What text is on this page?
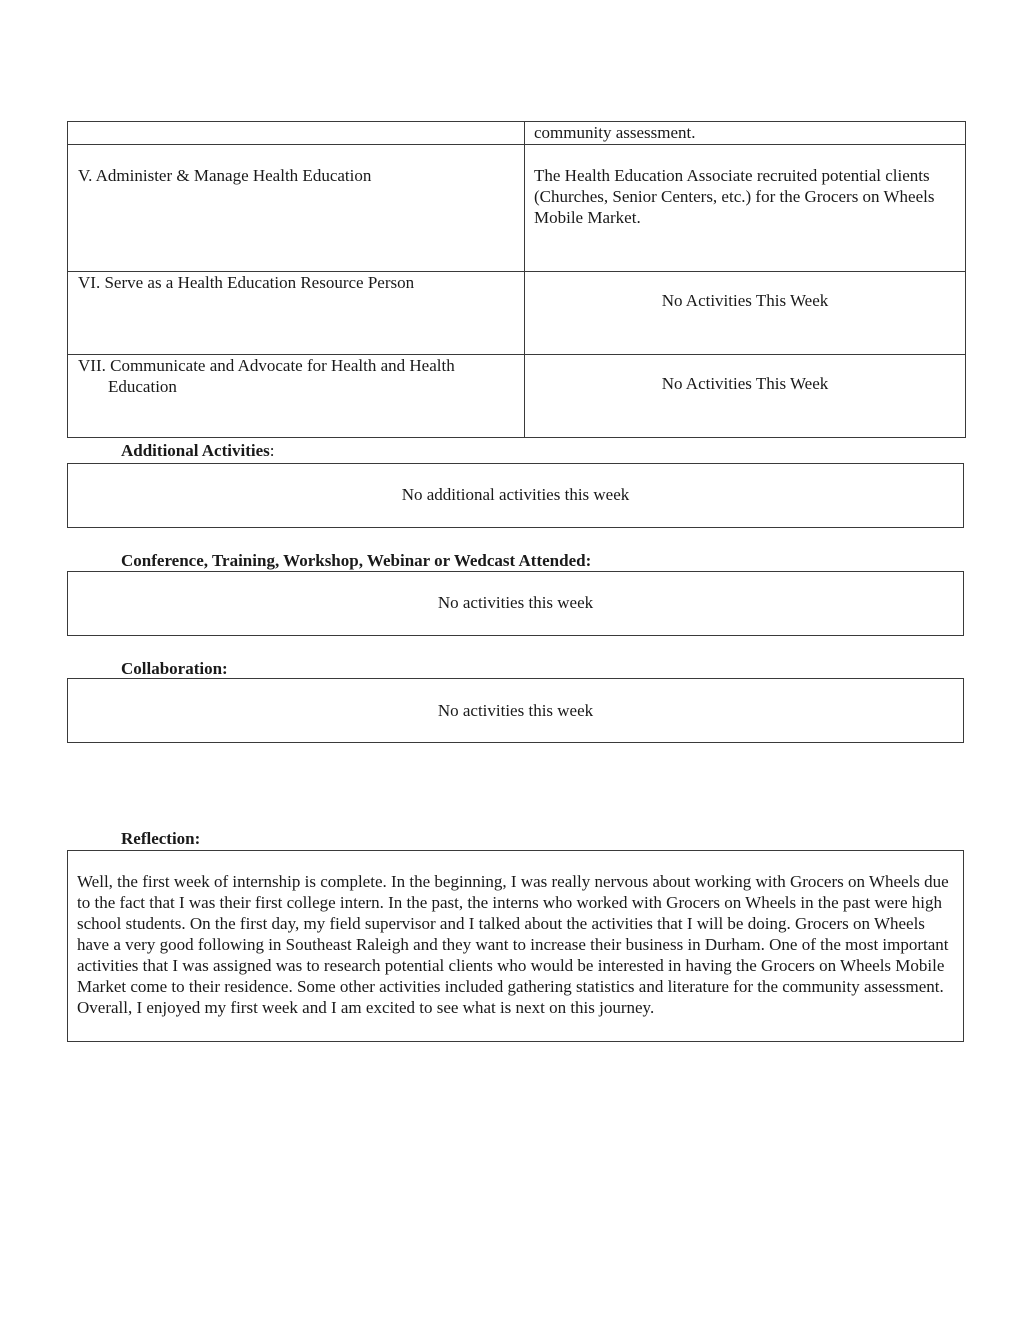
	community assessment.
V. Administer & Manage Health Education	The Health Education Associate recruited potential clients (Churches, Senior Centers, etc.) for the Grocers on Wheels Mobile Market.
VI. Serve as a Health Education Resource Person	No Activities This Week
VII. Communicate and Advocate for Health and Health Education	No Activities This Week
Additional Activities:
No additional activities this week
Conference, Training, Workshop, Webinar or Wedcast Attended:
No activities this week
Collaboration:
No activities this week
Reflection:
Well, the first week of internship is complete. In the beginning, I was really nervous about working with Grocers on Wheels due to the fact that I was their first college intern. In the past, the interns who worked with Grocers on Wheels in the past were high school students. On the first day, my field supervisor and I talked about the activities that I will be doing. Grocers on Wheels have a very good following in Southeast Raleigh and they want to increase their business in Durham. One of the most important activities that I was assigned was to research potential clients who would be interested in having the Grocers on Wheels Mobile Market come to their residence. Some other activities included gathering statistics and literature for the community assessment. Overall, I enjoyed my first week and I am excited to see what is next on this journey.
